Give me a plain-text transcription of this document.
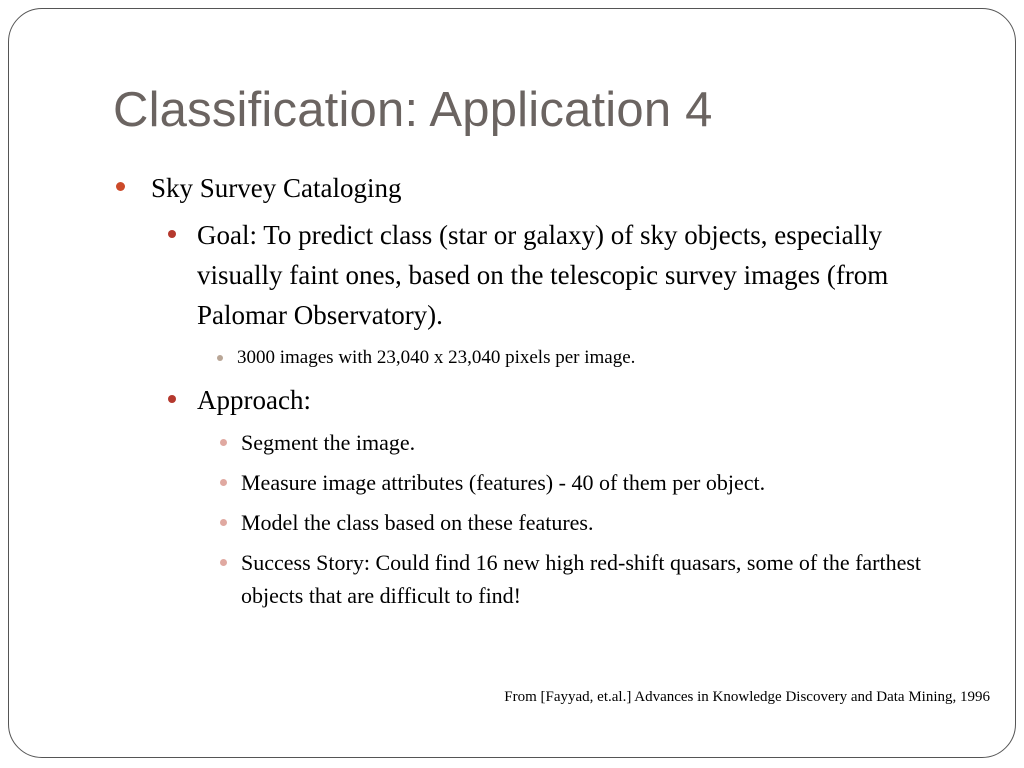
Classification: Application 4
Sky Survey Cataloging
Goal: To predict class (star or galaxy) of sky objects, especially visually faint ones, based on the telescopic survey images (from Palomar Observatory).
3000 images with 23,040 x 23,040 pixels per image.
Approach:
Segment the image.
Measure image attributes (features) - 40 of them per object.
Model the class based on these features.
Success Story: Could find 16 new high red-shift quasars, some of the farthest objects that are difficult to find!
From [Fayyad, et.al.] Advances in Knowledge Discovery and Data Mining, 1996
